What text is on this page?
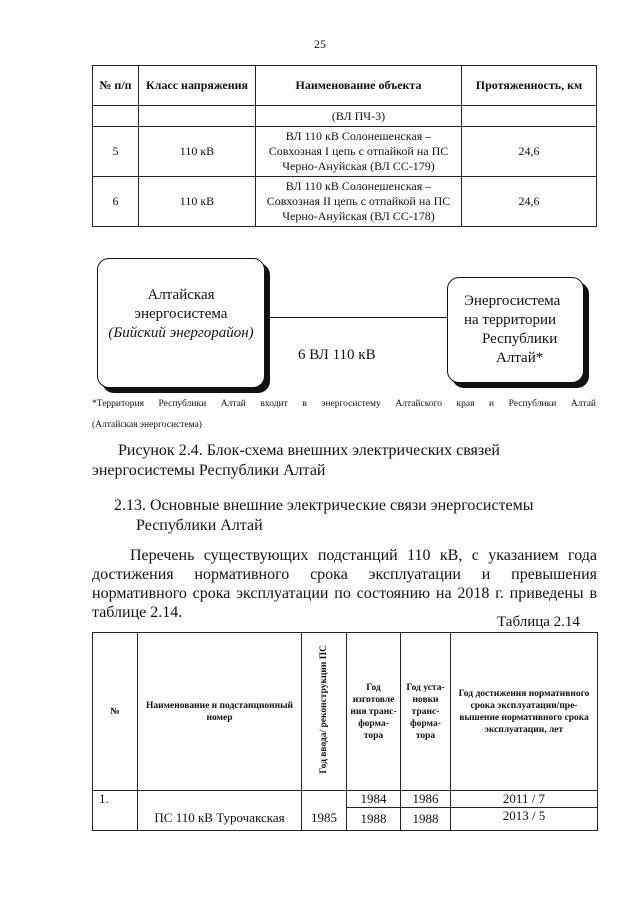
25
№ п/п	Класс напряжения	Наименование объекта	Протяженность, км
		(ВЛ ПЧ-3)	
5	110 кВ	ВЛ 110 кВ Солонешенская – Совхозная I цепь с отпайкой на ПС Черно-Ануйская (ВЛ СС-179)	24,6
6	110 кВ	ВЛ 110 кВ Солонешенская – Совхозная II цепь с отпайкой на ПС Черно-Ануйская (ВЛ СС-178)	24,6
Алтайская
энергосистема
(Бийский энергорайон)
Энергосистема
на территории
Республики
Алтай*
6 ВЛ 110 кВ
*Территория Республики Алтай входит в энергосистему Алтайского края и Республики Алтай
(Алтайская энергосистема)
Рисунок 2.4. Блок-схема внешних электрических связей энергосистемы Республики Алтай
2.13. Основные внешние электрические связи энергосистемы Республики Алтай
Перечень существующих подстанций 110 кВ, с указанием года достижения нормативного срока эксплуатации и превышения нормативного срока эксплуатации по состоянию на 2018 г. приведены в таблице 2.14.
Таблица 2.14
№	Наименование и подстанционный номер	Год ввода/ реконструкции ПС	Год изготовле ния транс- форма- тора	Год уста- новки транс- форма- тора	Год достижения нормативного срока эксплуатации/пре- вышение нормативного срока эксплуатации, лет
1.	ПС 110 кВ Турочакская	1985	1984	1986	2011 / 7
			1988	1988	2013 / 5
